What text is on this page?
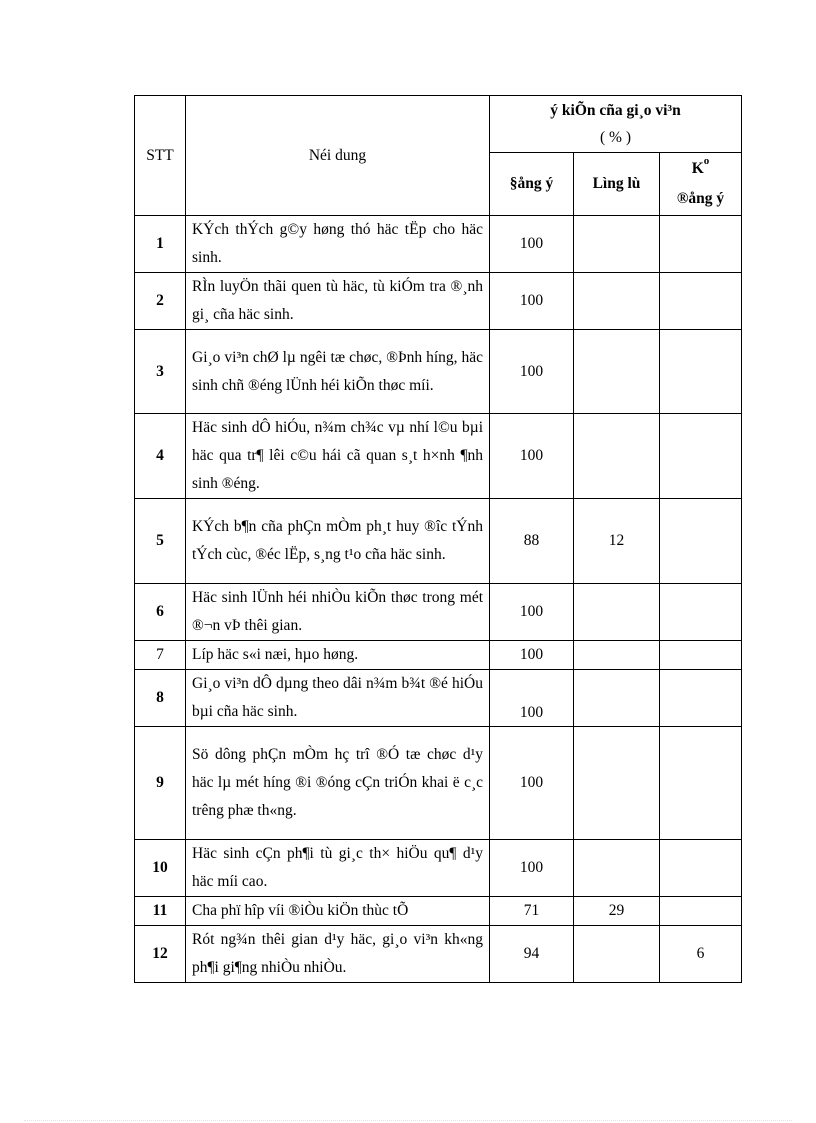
STT	Néi dung	ý kiÕn cña gi¸o vi³n
( % )		

		§ång ý	Lìng lù	$K^o$
®ång ý
1	KÝch thÝch g©y høng thó häc tËp cho häc sinh.	100		
2	RÌn luyÖn thãi quen tù häc, tù kiÓm tra ®¸nh gi¸ cña häc sinh.	100		
3	Gi¸o vi³n chØ lµ ngêi tæ chøc, ®Þnh híng, häc sinh chñ ®éng lÜnh héi kiÕn thøc míi.	100		
4	Häc sinh dÔ hiÓu, n¾m ch¾c vµ nhí l©u bµi häc qua tr¶ lêi c©u hái cã quan s¸t h×nh ¶nh sinh ®éng.	100		
5	KÝch b¶n cña phÇn mÒm ph¸t huy ®îc tÝnh tÝch cùc, ®éc lËp, s¸ng t¹o cña häc sinh.	88	12	
6	Häc sinh lÜnh héi nhiÒu kiÕn thøc trong mét ®¬n vÞ thêi gian.	100		
7	Líp häc s«i næi, hµo høng.	100		
8	Gi¸o vi³n dÔ dµng theo dâi n¾m b¾t ®é hiÓu bµi cña häc sinh.	100		
9	Sö dông phÇn mÒm hç trî ®Ó tæ chøc d¹y häc lµ mét híng ®i ®óng cÇn triÓn khai ë c¸c trêng phæ th«ng.	100		
10	Häc sinh cÇn ph¶i tù gi¸c th× hiÖu qu¶ d¹y häc míi cao.	100		
11	Cha phï hîp víi ®iÒu kiÖn thùc tÕ	71	29	
12	Rót ng¾n thêi gian d¹y häc, gi¸o vi³n kh«ng ph¶i gi¶ng nhiÒu nhiÒu.	94		6
